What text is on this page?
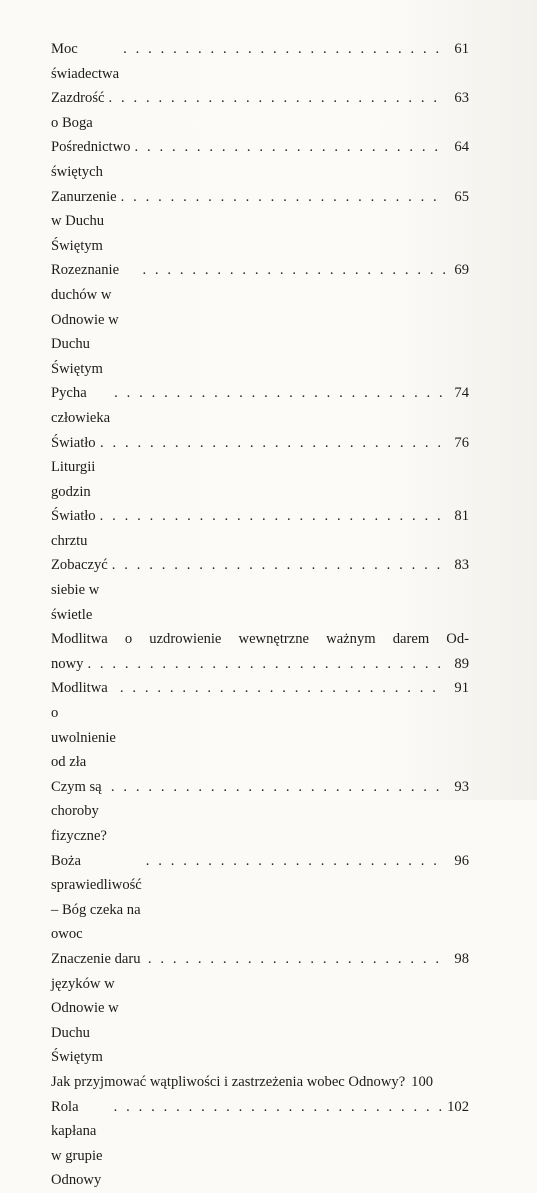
Moc świadectwa
. . .
61
Zazdrość o Boga
. . .
63
Pośrednictwo świętych
. . .
64
Zanurzenie w Duchu Świętym
. . .
65
Rozeznanie duchów w Odnowie w Duchu Świętym
. . .
69
Pycha człowieka
. . .
74
Światło Liturgii godzin
. . .
76
Światło chrztu
. . .
81
Zobaczyć siebie w świetle
. . .
83
Modlitwa o uzdrowienie wewnętrzne ważnym darem Od-
nowy
. . .	89
Modlitwa o uwolnienie od zła
. . .
91
Czym są choroby fizyczne?
. . .
93
Boża sprawiedliwość – Bóg czeka na owoc
. . .
96
Znaczenie daru języków w Odnowie w Duchu Świętym
. . .
98
Jak przyjmować wątpliwości i zastrzeżenia wobec Odnowy? 100
Rola kapłana w grupie Odnowy
. . .
102
